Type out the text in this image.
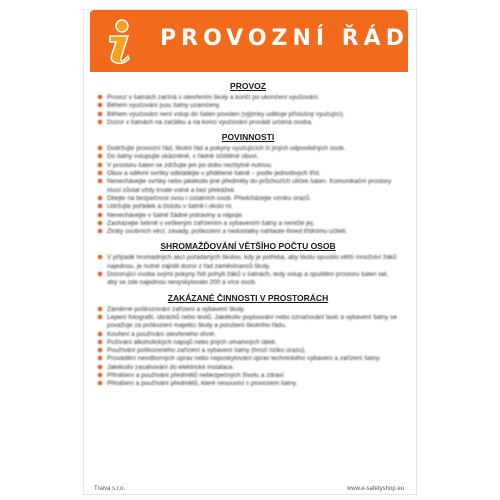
PROVOZNÍ ŘÁD
PROVOZ
Provoz v šatnách začíná s otevřením školy a končí po ukončení vyučování.
Během vyučování jsou šatny uzamčeny.
Během vyučování není vstup do šaten povolen (výjimky uděluje příslušný vyučující).
Dozor v šatnách na začátku a na konci vyučování provádí určená osoba.
POVINNOSTI
Dodržujte provozní řád, školní řád a pokyny vyučujících či jiných odpovědných osob.
Do šatny vstupujte ukázněně, v řádně očištěné obuvi.
V prostoru šaten se zdržujte jen po dobu nezbytně nutnou.
Obuv a oděvní svršky odkládejte v přidělené šatně – podle jednotlivých tříd.
Nenechávejte svršky nebo jakékoliv jiné předměty do průchozích uliček šaten. Komunikační prostory musí zůstat vždy trvale volné a bez překážek.
Dbejte na bezpečnost svou i ostatních osob. Předcházejte vzniku úrazů.
Udržujte pořádek a čistotu v šatně i okolo ní.
Nenechávejte v šatně žádné potraviny a nápoje.
Zacházejte šetrně s veškerým zařízením a vybavením šatny a neničte jej.
Ztráty osobních věcí, závady, poškození a nedostatky nahlaste ihned třídnímu učiteli.
SHROMAŽĎOVÁNÍ VĚTŠÍHO POČTU OSOB
V případě hromadných akcí pořádaných školou, kdy je potřeba, aby školu opustilo větší množství žáků najednou, je nutné zajistit dozor z řad zaměstnanců školy.
Dozorující osoba svými pokyny řídí pohyb žáků v šatnách, tedy vstup a opuštění prostoru šaten tak, aby se zde najednou nevyskytovalo 200 a více osob.
ZAKÁZANÉ ČINNOSTI V PROSTORÁCH
Záměrné poškozování zařízení a vybavení školy.
Lepení fotografií, obrázků nebo textů. Jakékoliv popisování nebo označování lavic a vybavení šatny se považuje za poškození majetku školy a porušení školního řádu.
Kouření a používání otevřeného ohně.
Požívání alkoholických nápojů nebo jiných omamných látek.
Používání poškozeného zařízení a vybavení šatny (hrozí riziko úrazu).
Provádění neodborných oprav nebo neposkytování úprav technického vybavení a zařízení šatny.
Jakékoliv zasahování do elektrické instalace.
Přinášení a používání předmětů nebezpečných životu a zdraví.
Přinášení a používání předmětů, které nesouvisí s provozem šatny.
Traiva s.r.o.	www.e-safetyshop.eu
